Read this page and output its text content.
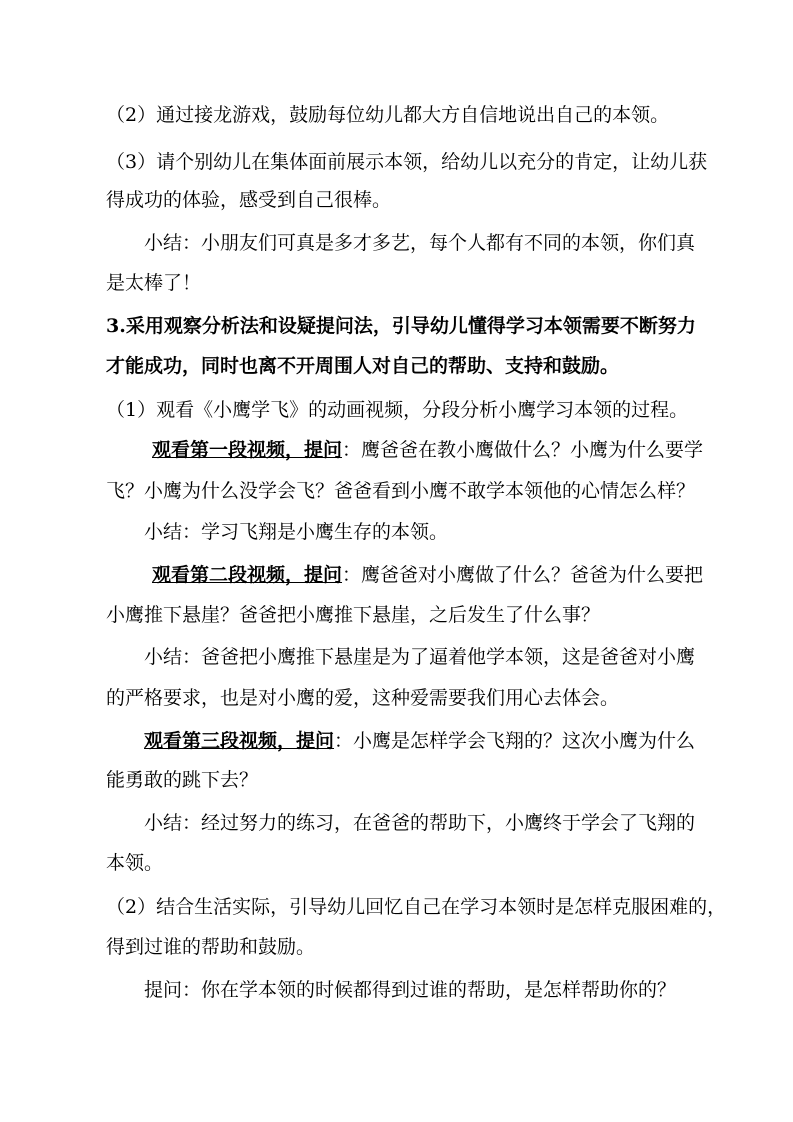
（2）通过接龙游戏，鼓励每位幼儿都大方自信地说出自己的本领。
（3）请个别幼儿在集体面前展示本领，给幼儿以充分的肯定，让幼儿获
得成功的体验，感受到自己很棒。
小结：小朋友们可真是多才多艺，每个人都有不同的本领，你们真
是太棒了！
3.采用观察分析法和设疑提问法，引导幼儿懂得学习本领需要不断努力
才能成功，同时也离不开周围人对自己的帮助、支持和鼓励。
（1）观看《小鹰学飞》的动画视频，分段分析小鹰学习本领的过程。
观看第一段视频，提问：鹰爸爸在教小鹰做什么？小鹰为什么要学
飞？小鹰为什么没学会飞？爸爸看到小鹰不敢学本领他的心情怎么样？
小结：学习飞翔是小鹰生存的本领。
观看第二段视频，提问：鹰爸爸对小鹰做了什么？爸爸为什么要把
小鹰推下悬崖？爸爸把小鹰推下悬崖，之后发生了什么事？
小结：爸爸把小鹰推下悬崖是为了逼着他学本领，这是爸爸对小鹰
的严格要求，也是对小鹰的爱，这种爱需要我们用心去体会。
观看第三段视频，提问：小鹰是怎样学会飞翔的？这次小鹰为什么
能勇敢的跳下去？
小结：经过努力的练习，在爸爸的帮助下，小鹰终于学会了飞翔的
本领。
（2）结合生活实际，引导幼儿回忆自己在学习本领时是怎样克服困难的，
得到过谁的帮助和鼓励。
提问：你在学本领的时候都得到过谁的帮助，是怎样帮助你的？
